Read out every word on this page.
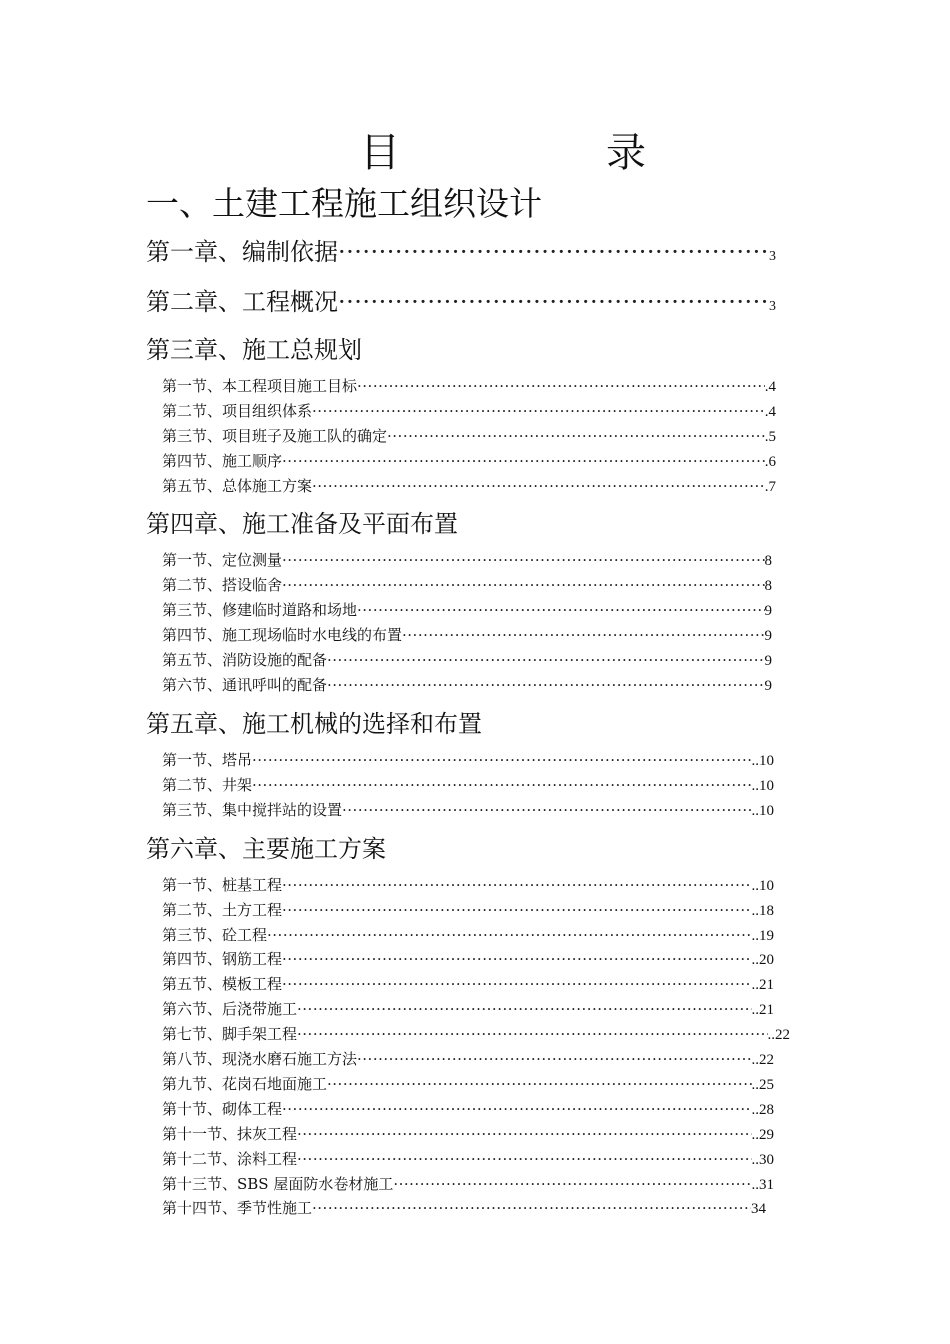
目	录
一、土建工程施工组织设计
第一章、编制依据 ·····	3
第二章、工程概况 ·····	3
第三章、施工总规划
第一节、本工程项目施工目标 ·····	.4
第二节、项目组织体系 ·····	.4
第三节、项目班子及施工队的确定 ·····	.5
第四节、施工顺序 ·····	.6
第五节、总体施工方案 ·····	.7
第四章、施工准备及平面布置
第一节、定位测量 ·····	8
第二节、搭设临舍 ·····	8
第三节、修建临时道路和场地 ·····	9
第四节、施工现场临时水电线的布置 ·····	9
第五节、消防设施的配备 ·····	9
第六节、通讯呼叫的配备 ·····	9
第五章、施工机械的选择和布置
第一节、塔吊 ·····	..10
第二节、井架 ·····	..10
第三节、集中搅拌站的设置 ·····	..10
第六章、主要施工方案
第一节、桩基工程 ·····	..10
第二节、土方工程 ·····	..18
第三节、砼工程 ·····	..19
第四节、钢筋工程 ·····	..20
第五节、模板工程 ·····	..21
第六节、后浇带施工 ·····	..21
第七节、脚手架工程 ·····	..22
第八节、现浇水磨石施工方法 ·····	..22
第九节、花岗石地面施工 ·····	..25
第十节、砌体工程 ·····	..28
第十一节、抹灰工程 ·····	..29
第十二节、涂料工程 ·····	..30
第十三节、SBS 屋面防水卷材施工 ·····	..31
第十四节、季节性施工 ·····	34
